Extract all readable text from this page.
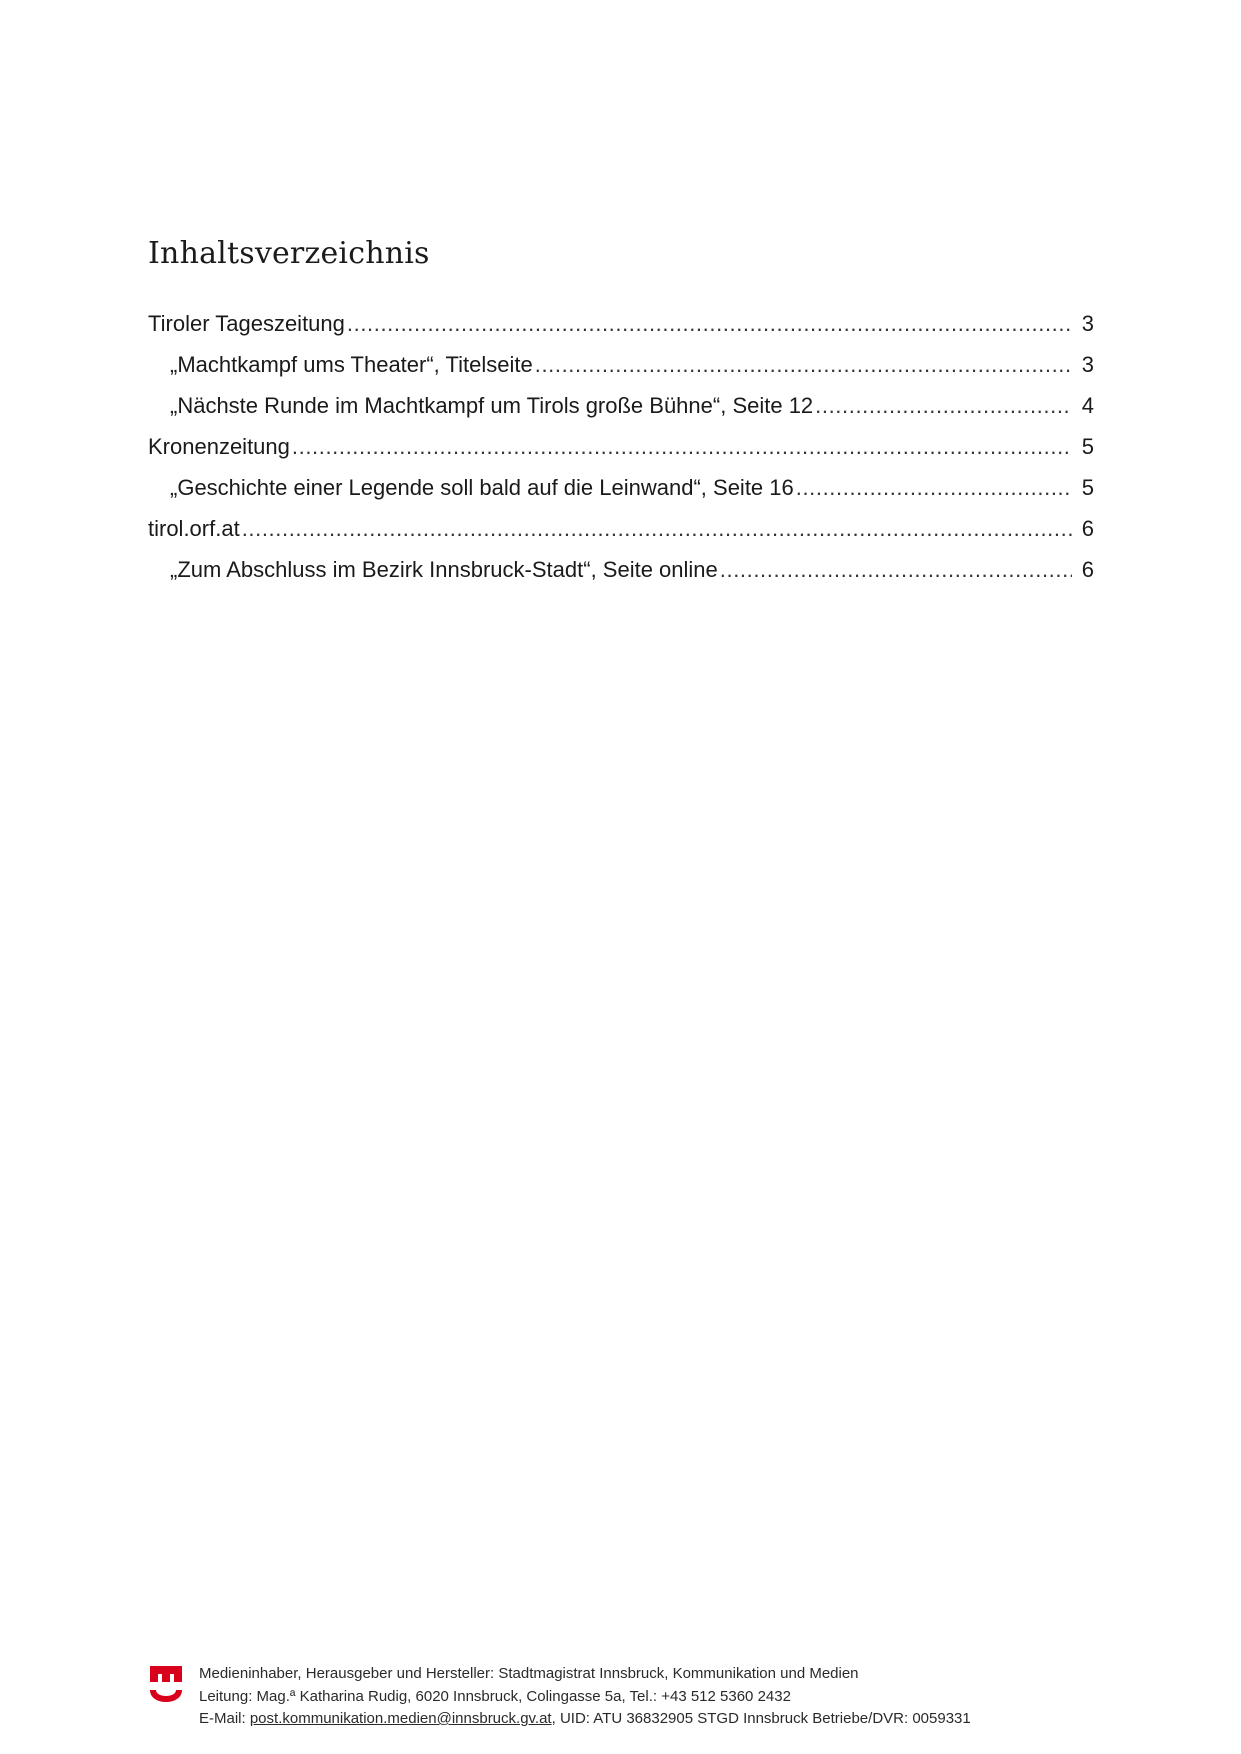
Inhaltsverzeichnis
Tiroler Tageszeitung .....	3
„Machtkampf ums Theater“, Titelseite .....	3
„Nächste Runde im Machtkampf um Tirols große Bühne“, Seite 12 .....	4
Kronenzeitung .....	5
„Geschichte einer Legende soll bald auf die Leinwand“, Seite 16 .....	5
tirol.orf.at .....	6
„Zum Abschluss im Bezirk Innsbruck-Stadt“, Seite online .....	6
Medieninhaber, Herausgeber und Hersteller: Stadtmagistrat Innsbruck, Kommunikation und Medien
Leitung: Mag.ª Katharina Rudig, 6020 Innsbruck, Colingasse 5a, Tel.: +43 512 5360 2432
E-Mail: post.kommunikation.medien@innsbruck.gv.at, UID: ATU 36832905 STGD Innsbruck Betriebe/DVR: 0059331
